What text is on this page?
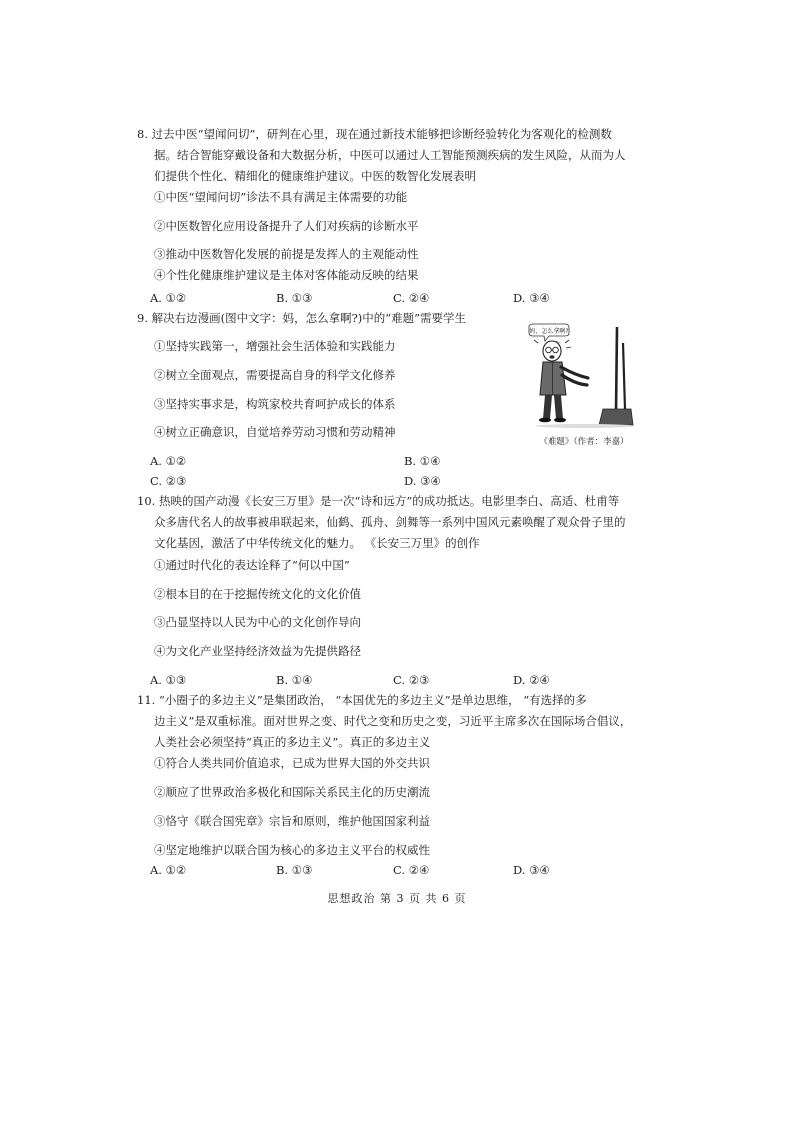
8. 过去中医“望闻问切”，研判在心里，现在通过新技术能够把诊断经验转化为客观化的检测数
据。结合智能穿戴设备和大数据分析，中医可以通过人工智能预测疾病的发生风险，从而为人
们提供个性化、精细化的健康维护建议。中医的数智化发展表明
①中医“望闻问切”诊法不具有满足主体需要的功能
②中医数智化应用设备提升了人们对疾病的诊断水平
③推动中医数智化发展的前提是发挥人的主观能动性
④个性化健康维护建议是主体对客体能动反映的结果
A. ①②	B. ①③	C. ②④	D. ③④
9. 解决右边漫画(图中文字：妈，怎么拿啊?)中的“难题”需要学生
①坚持实践第一，增强社会生活体验和实践能力
②树立全面观点，需要提高自身的科学文化修养
③坚持实事求是，构筑家校共育呵护成长的体系
④树立正确意识，自觉培养劳动习惯和劳动精神
A. ①②	B. ①④
C. ②③	D. ③④
妈，怎么拿啊?
《难题》（作者：李嘉）
10. 热映的国产动漫《长安三万里》是一次“诗和远方”的成功抵达。电影里李白、高适、杜甫等
众多唐代名人的故事被串联起来，仙鹤、孤舟、剑舞等一系列中国风元素唤醒了观众骨子里的
文化基因，激活了中华传统文化的魅力。 《长安三万里》的创作
①通过时代化的表达诠释了“何以中国”
②根本目的在于挖掘传统文化的文化价值
③凸显坚持以人民为中心的文化创作导向
④为文化产业坚持经济效益为先提供路径
A. ①③	B. ①④	C. ②③	D. ②④
11. “小圈子的多边主义”是集团政治， “本国优先的多边主义”是单边思维， “有选择的多
边主义”是双重标准。面对世界之变、时代之变和历史之变，习近平主席多次在国际场合倡议，
人类社会必须坚持“真正的多边主义”。真正的多边主义
①符合人类共同价值追求，已成为世界大国的外交共识
②顺应了世界政治多极化和国际关系民主化的历史潮流
③恪守《联合国宪章》宗旨和原则，维护他国国家利益
④坚定地维护以联合国为核心的多边主义平台的权威性
A. ①②	B. ①③	C. ②④	D. ③④
思想政治 第 3 页 共 6 页
